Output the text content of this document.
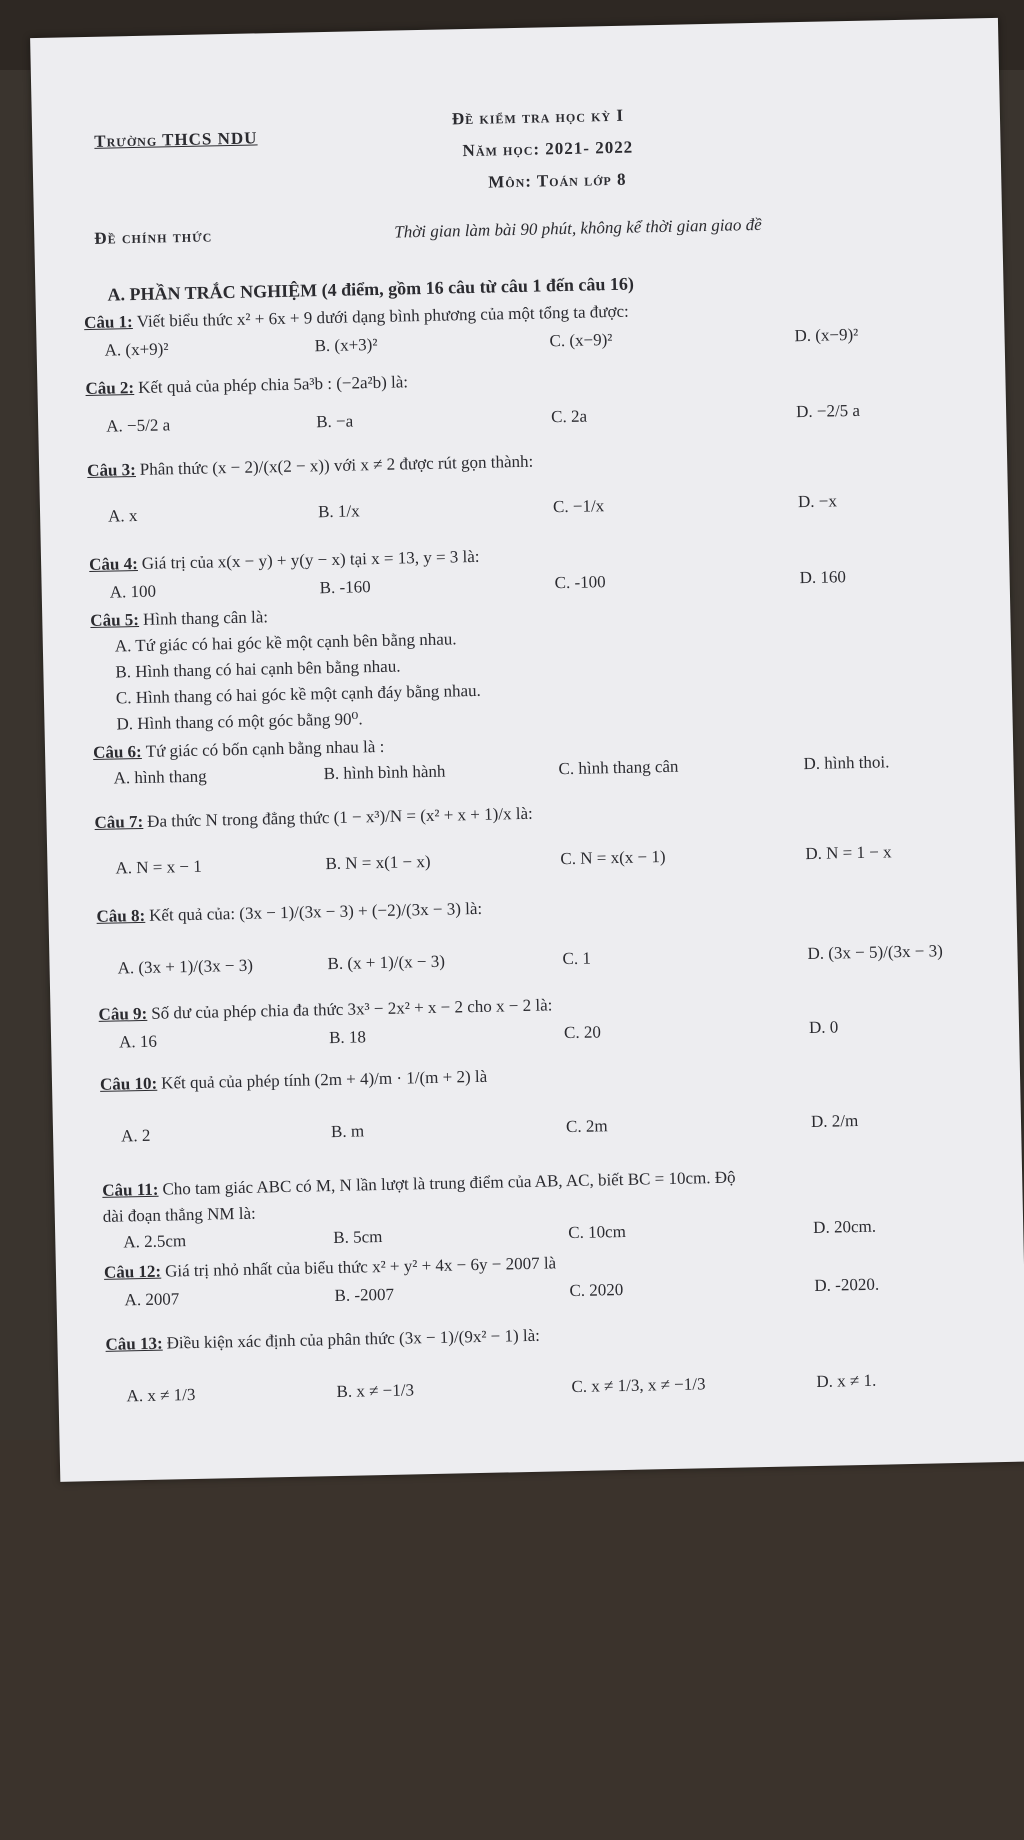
Trường THCS NDU
Đề kiểm tra học kỳ I
Năm học: 2021- 2022
Môn: Toán lớp 8
Đề chính thức	Thời gian làm bài 90 phút, không kể thời gian giao đề
A. PHẦN TRẮC NGHIỆM (4 điểm, gồm 16 câu từ câu 1 đến câu 16)
Câu 1: Viết biểu thức x² + 6x + 9 dưới dạng bình phương của một tổng ta được:
A. (x+9)²	B. (x+3)²	C. (x−9)²	D. (x−9)²
Câu 2: Kết quả của phép chia 5a³b : (−2a²b) là:
A. −5/2 a	B. −a	C. 2a	D. −2/5 a
Câu 3: Phân thức (x − 2)/(x(2 − x)) với x ≠ 2 được rút gọn thành:
A. x	B. 1/x	C. −1/x	D. −x
Câu 4: Giá trị của x(x − y) + y(y − x) tại x = 13, y = 3 là:
A. 100	B. -160	C. -100	D. 160
Câu 5: Hình thang cân là:
A. Tứ giác có hai góc kề một cạnh bên bằng nhau.
B. Hình thang có hai cạnh bên bằng nhau.
C. Hình thang có hai góc kề một cạnh đáy bằng nhau.
D. Hình thang có một góc bằng 90⁰.
Câu 6: Tứ giác có bốn cạnh bằng nhau là :
A. hình thang	B. hình bình hành	C. hình thang cân	D. hình thoi.
Câu 7: Đa thức N trong đẳng thức (1 − x³)/N = (x² + x + 1)/x là:
A. N = x − 1	B. N = x(1 − x)	C. N = x(x − 1)	D. N = 1 − x
Câu 8: Kết quả của: (3x − 1)/(3x − 3) + (−2)/(3x − 3) là:
A. (3x + 1)/(3x − 3)	B. (x + 1)/(x − 3)	C. 1	D. (3x − 5)/(3x − 3)
Câu 9: Số dư của phép chia đa thức 3x³ − 2x² + x − 2 cho x − 2 là:
A. 16	B. 18	C. 20	D. 0
Câu 10: Kết quả của phép tính (2m + 4)/m · 1/(m + 2) là
A. 2	B. m	C. 2m	D. 2/m
Câu 11: Cho tam giác ABC có M, N lần lượt là trung điểm của AB, AC, biết BC = 10cm. Độ
dài đoạn thẳng NM là:
A. 2.5cm	B. 5cm	C. 10cm	D. 20cm.
Câu 12: Giá trị nhỏ nhất của biểu thức x² + y² + 4x − 6y − 2007 là
A. 2007	B. -2007	C. 2020	D. -2020.
Câu 13: Điều kiện xác định của phân thức (3x − 1)/(9x² − 1) là:
A. x ≠ 1/3	B. x ≠ −1/3	C. x ≠ 1/3, x ≠ −1/3	D. x ≠ 1.
